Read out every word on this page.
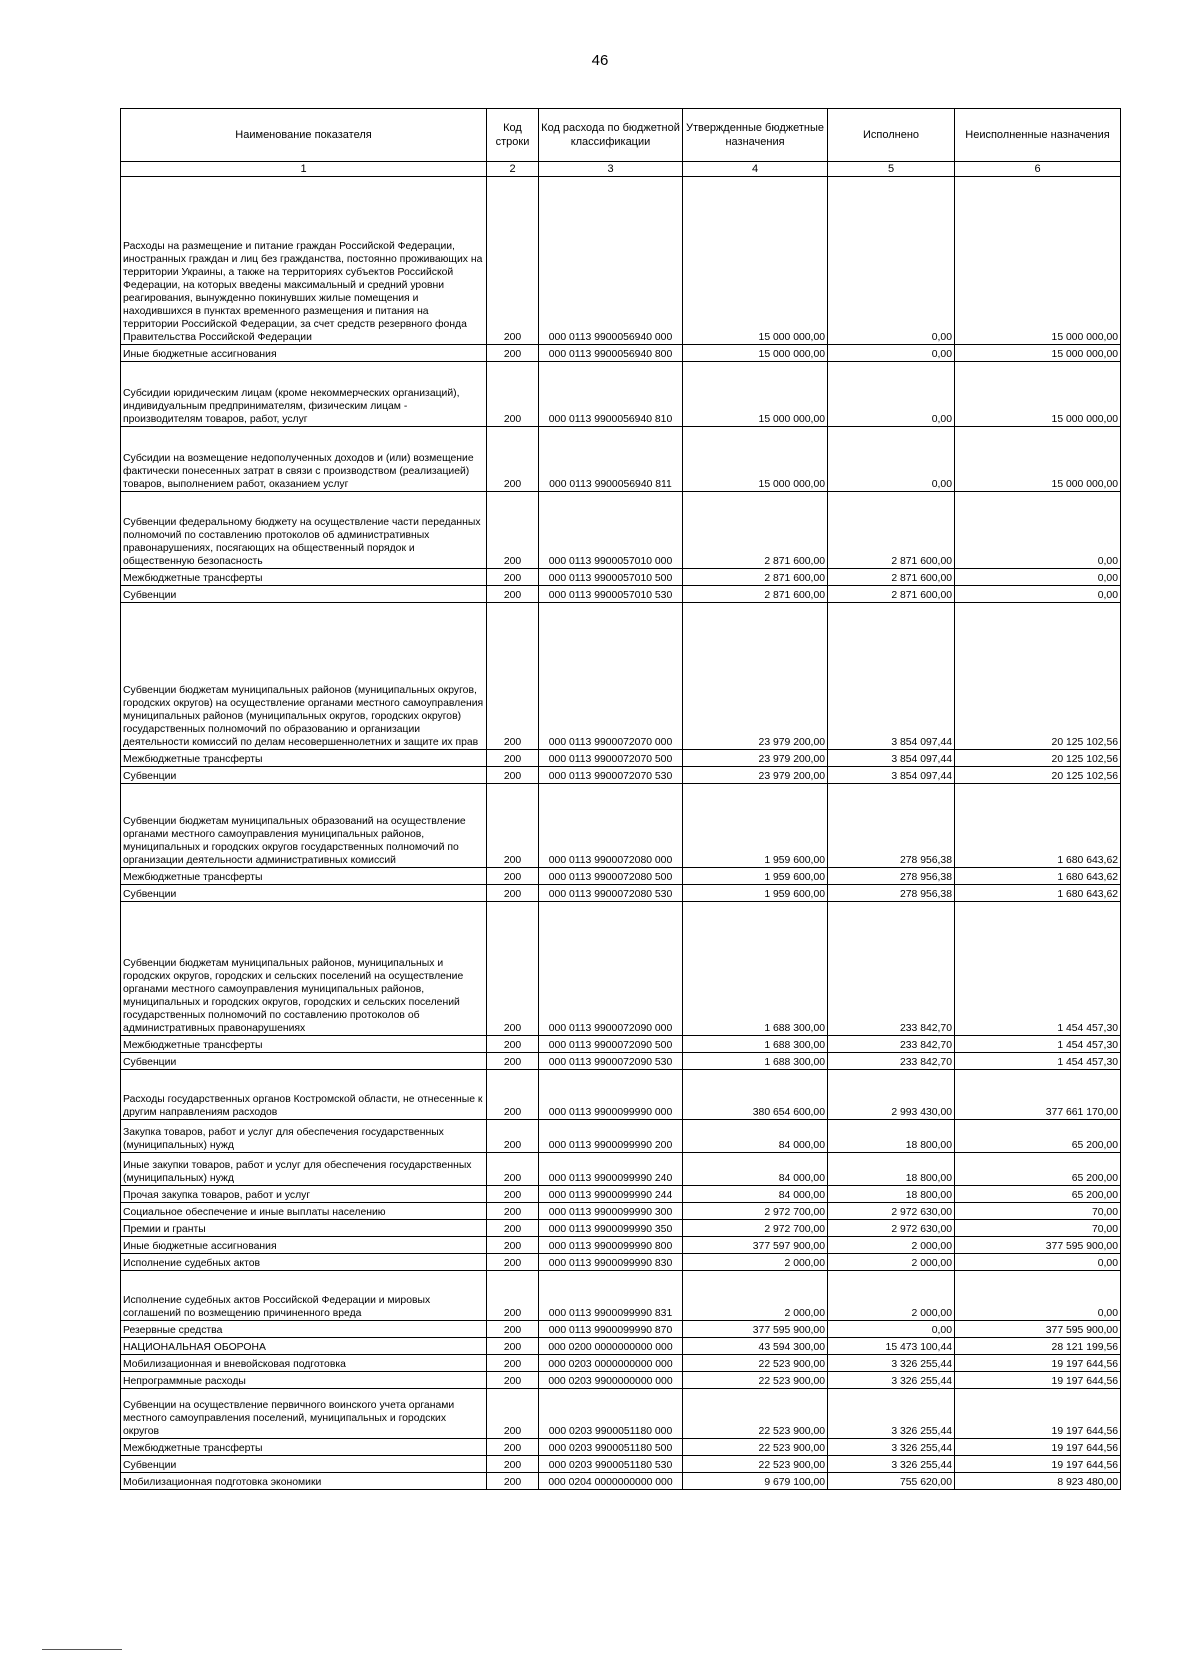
46
Наименование показателя	Код строки	Код расхода по бюджетной классификации	Утвержденные бюджетные назначения	Исполнено	Неисполненные назначения
1	2	3	4	5	6
Расходы на размещение и питание граждан Российской Федерации, иностранных граждан и лиц без гражданства, постоянно проживающих на территории Украины, а также на территориях субъектов Российской Федерации, на которых введены максимальный и средний уровни реагирования, вынужденно покинувших жилые помещения и находившихся в пунктах временного размещения и питания на территории Российской Федерации, за счет средств резервного фонда Правительства Российской Федерации	200	000 0113 9900056940 000	15 000 000,00	0,00	15 000 000,00
Иные бюджетные ассигнования	200	000 0113 9900056940 800	15 000 000,00	0,00	15 000 000,00
Субсидии юридическим лицам (кроме некоммерческих организаций), индивидуальным предпринимателям, физическим лицам - производителям товаров, работ, услуг	200	000 0113 9900056940 810	15 000 000,00	0,00	15 000 000,00
Субсидии на возмещение недополученных доходов и (или) возмещение фактически понесенных затрат в связи с производством (реализацией) товаров, выполнением работ, оказанием услуг	200	000 0113 9900056940 811	15 000 000,00	0,00	15 000 000,00
Субвенции федеральному бюджету на осуществление части переданных полномочий по составлению протоколов об административных правонарушениях, посягающих на общественный порядок и общественную безопасность	200	000 0113 9900057010 000	2 871 600,00	2 871 600,00	0,00
Межбюджетные трансферты	200	000 0113 9900057010 500	2 871 600,00	2 871 600,00	0,00
Субвенции	200	000 0113 9900057010 530	2 871 600,00	2 871 600,00	0,00
Субвенции бюджетам муниципальных районов (муниципальных округов, городских округов) на осуществление органами местного самоуправления муниципальных районов (муниципальных округов, городских округов) государственных полномочий по образованию и организации деятельности комиссий по делам несовершеннолетних и защите их прав	200	000 0113 9900072070 000	23 979 200,00	3 854 097,44	20 125 102,56
Межбюджетные трансферты	200	000 0113 9900072070 500	23 979 200,00	3 854 097,44	20 125 102,56
Субвенции	200	000 0113 9900072070 530	23 979 200,00	3 854 097,44	20 125 102,56
Субвенции бюджетам муниципальных образований на осуществление органами местного самоуправления муниципальных районов, муниципальных и городских округов государственных полномочий по организации деятельности административных комиссий	200	000 0113 9900072080 000	1 959 600,00	278 956,38	1 680 643,62
Межбюджетные трансферты	200	000 0113 9900072080 500	1 959 600,00	278 956,38	1 680 643,62
Субвенции	200	000 0113 9900072080 530	1 959 600,00	278 956,38	1 680 643,62
Субвенции бюджетам муниципальных районов, муниципальных и городских округов, городских и сельских поселений на осуществление органами местного самоуправления муниципальных районов, муниципальных и городских округов, городских и сельских поселений государственных полномочий по составлению протоколов об административных правонарушениях	200	000 0113 9900072090 000	1 688 300,00	233 842,70	1 454 457,30
Межбюджетные трансферты	200	000 0113 9900072090 500	1 688 300,00	233 842,70	1 454 457,30
Субвенции	200	000 0113 9900072090 530	1 688 300,00	233 842,70	1 454 457,30
Расходы государственных органов Костромской области, не отнесенные к другим направлениям расходов	200	000 0113 9900099990 000	380 654 600,00	2 993 430,00	377 661 170,00
Закупка товаров, работ и услуг для обеспечения государственных (муниципальных) нужд	200	000 0113 9900099990 200	84 000,00	18 800,00	65 200,00
Иные закупки товаров, работ и услуг для обеспечения государственных (муниципальных) нужд	200	000 0113 9900099990 240	84 000,00	18 800,00	65 200,00
Прочая закупка товаров, работ и услуг	200	000 0113 9900099990 244	84 000,00	18 800,00	65 200,00
Социальное обеспечение и иные выплаты населению	200	000 0113 9900099990 300	2 972 700,00	2 972 630,00	70,00
Премии и гранты	200	000 0113 9900099990 350	2 972 700,00	2 972 630,00	70,00
Иные бюджетные ассигнования	200	000 0113 9900099990 800	377 597 900,00	2 000,00	377 595 900,00
Исполнение судебных актов	200	000 0113 9900099990 830	2 000,00	2 000,00	0,00
Исполнение судебных актов Российской Федерации и мировых соглашений по возмещению причиненного вреда	200	000 0113 9900099990 831	2 000,00	2 000,00	0,00
Резервные средства	200	000 0113 9900099990 870	377 595 900,00	0,00	377 595 900,00
НАЦИОНАЛЬНАЯ ОБОРОНА	200	000 0200 0000000000 000	43 594 300,00	15 473 100,44	28 121 199,56
Мобилизационная и вневойсковая подготовка	200	000 0203 0000000000 000	22 523 900,00	3 326 255,44	19 197 644,56
Непрограммные расходы	200	000 0203 9900000000 000	22 523 900,00	3 326 255,44	19 197 644,56
Субвенции на осуществление первичного воинского учета органами местного самоуправления поселений, муниципальных и городских округов	200	000 0203 9900051180 000	22 523 900,00	3 326 255,44	19 197 644,56
Межбюджетные трансферты	200	000 0203 9900051180 500	22 523 900,00	3 326 255,44	19 197 644,56
Субвенции	200	000 0203 9900051180 530	22 523 900,00	3 326 255,44	19 197 644,56
Мобилизационная подготовка экономики	200	000 0204 0000000000 000	9 679 100,00	755 620,00	8 923 480,00
